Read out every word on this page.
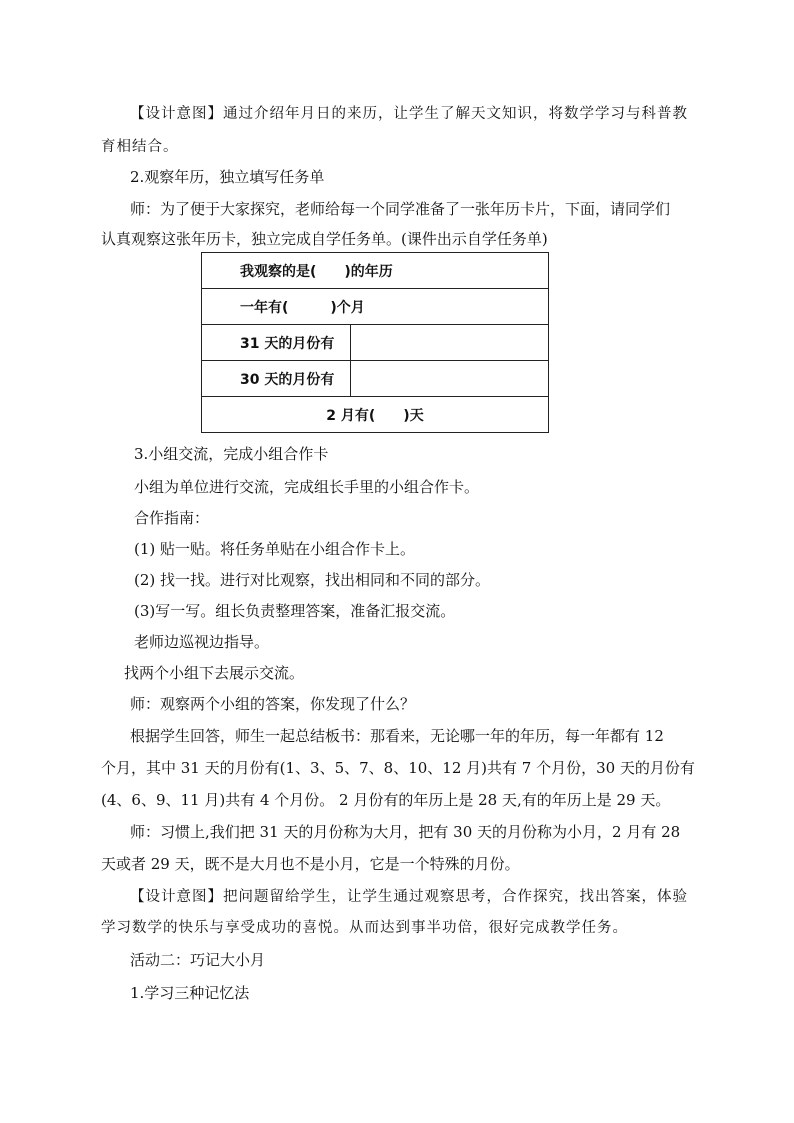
【设计意图】通过介绍年月日的来历，让学生了解天文知识，将数学学习与科普教
育相结合。
2.观察年历，独立填写任务单
师：为了便于大家探究，老师给每一个同学准备了一张年历卡片，下面，请同学们
认真观察这张年历卡，独立完成自学任务单。(课件出示自学任务单)
我观察的是(　　)的年历	
一年有(　　　)个月	
31 天的月份有	
30 天的月份有	
2 月有(　　)天	
3.小组交流，完成小组合作卡
小组为单位进行交流，完成组长手里的小组合作卡。
合作指南：
(1) 贴一贴。将任务单贴在小组合作卡上。
(2) 找一找。进行对比观察，找出相同和不同的部分。
(3)写一写。组长负责整理答案，准备汇报交流。
老师边巡视边指导。
找两个小组下去展示交流。
师：观察两个小组的答案，你发现了什么？
根据学生回答，师生一起总结板书：那看来，无论哪一年的年历，每一年都有 12
个月，其中 31 天的月份有(1、3、5、7、8、10、12 月)共有 7 个月份，30 天的月份有
(4、6、9、11 月)共有 4 个月份。 2 月份有的年历上是 28 天,有的年历上是 29 天。
师：习惯上,我们把 31 天的月份称为大月，把有 30 天的月份称为小月，2 月有 28
天或者 29 天，既不是大月也不是小月，它是一个特殊的月份。
【设计意图】把问题留给学生，让学生通过观察思考，合作探究，找出答案，体验
学习数学的快乐与享受成功的喜悦。从而达到事半功倍，很好完成教学任务。
活动二：巧记大小月
1.学习三种记忆法
